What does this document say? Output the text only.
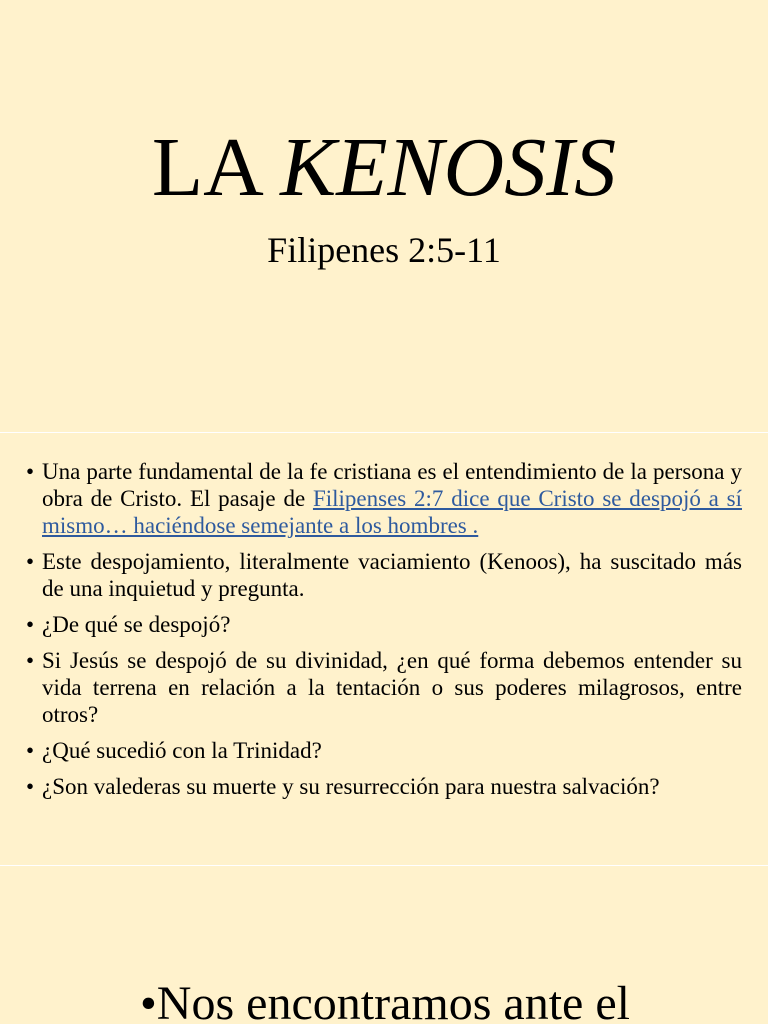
LA KENOSIS
Filipenes 2:5-11
• Una parte fundamental de la fe cristiana es el entendimiento de la persona y obra de Cristo. El pasaje de Filipenses 2:7 dice que Cristo se despojó a sí mismo… haciéndose semejante a los hombres .
• Este despojamiento, literalmente vaciamiento (Kenoos), ha suscitado más de una inquietud y pregunta.
• ¿De qué se despojó?
• Si Jesús se despojó de su divinidad, ¿en qué forma debemos entender su vida terrena en relación a la tentación o sus poderes milagrosos, entre otros?
• ¿Qué sucedió con la Trinidad?
• ¿Son valederas su muerte y su resurrección para nuestra salvación?
•Nos encontramos ante el
